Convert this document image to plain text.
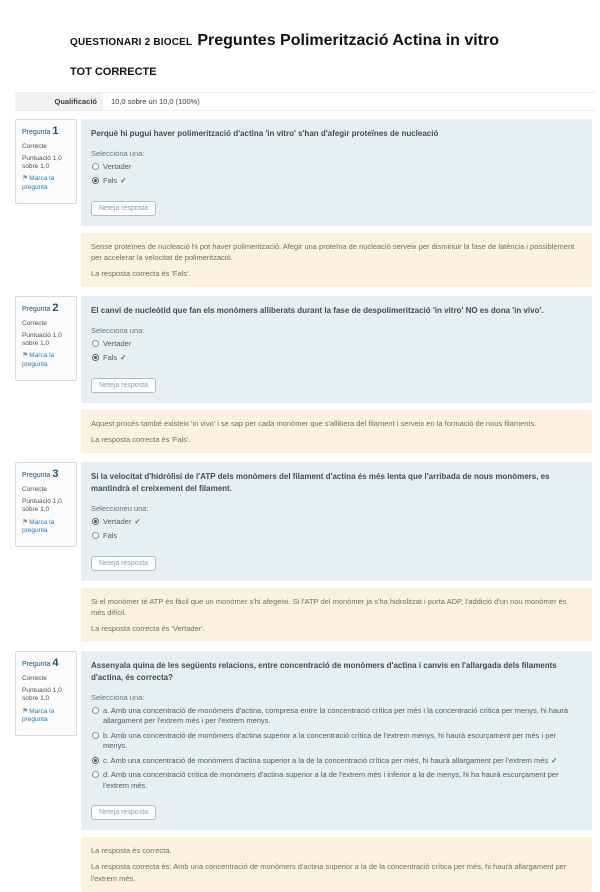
QUESTIONARI 2 BIOCEL Preguntes Polimerització Actina in vitro
TOT CORRECTE
Qualificació	10,0 sobre un 10,0 (100%)
Pregunta 1
Correcte
Puntuació 1,0 sobre 1,0
⚑Marca la pregunta
Perquè hi pugui haver polimerització d'actina 'in vitro' s'han d'afegir proteïnes de nucleació
Selecciona una:
Vertader
Fals ✓
Neteja resposta

Sense proteïnes de nucleació hi pot haver polimerització. Afegir una proteïna de nucleació serveix per disminuir la fase de latència i possiblement per accelerar la velocitat de polimerització.

La resposta correcta és 'Fals'.

Pregunta 2
Correcte
Puntuació 1,0 sobre 1,0
⚑Marca la pregunta
El canvi de nucleòtid que fan els monòmers alliberats durant la fase de despolimerització 'in vitro' NO es dona 'in vivo'.
Selecciona una:
Vertader
Fals ✓
Neteja resposta

Aquest procés també existeix 'in vivo' i se sap per cada monòmer que s'allibera del filament i serveix en la formació de nous filaments.

La resposta correcta és 'Fals'.

Pregunta 3
Correcte
Puntuació 1,0 sobre 1,0
⚑Marca la pregunta
Si la velocitat d'hidròlisi de l'ATP dels monòmers del filament d'actina és més lenta que l'arribada de nous monòmers, es mantindrà el creixement del filament.
Seleccioneu una:
Vertader ✓
Fals
Neteja resposta

Si el monòmer té ATP és fàcil que un monòmer s'hi afegeixi. Si l'ATP del monòmer ja s'ha hidrolitzat i porta ADP, l'addició d'un nou monòmer és més difícil.

La resposta correcta és 'Vertader'.

Pregunta 4
Correcte
Puntuació 1,0 sobre 1,0
⚑Marca la pregunta
Assenyala quina de les següents relacions, entre concentració de monòmers d'actina i canvis en l'allargada dels filaments d'actina, és correcta?
Selecciona una:
a. Amb una concentració de monòmers d'actina, compresa entre la concentració crítica per més i la concentració crítica per menys, hi haurà allargament per l'extrem més i per l'extrem menys.
b. Amb una concentració de monòmers d'actina superior a la concentració crítica de l'extrem menys, hi haurà escurçament per més i per menys.
c. Amb una concentració de monòmers d'actina superior a la de la concentració crítica per més, hi haurà allargament per l'extrem més ✓
d. Amb una concentració crítica de monòmers d'actina superior a la de l'extrem més i inferior a la de menys, hi ha haurà escurçament per l'extrem més.
Neteja resposta

La resposta és correcta.

La resposta correcta és: Amb una concentració de monòmers d'actina superior a la de la concentració crítica per més, hi haurà allargament per l'extrem més.
